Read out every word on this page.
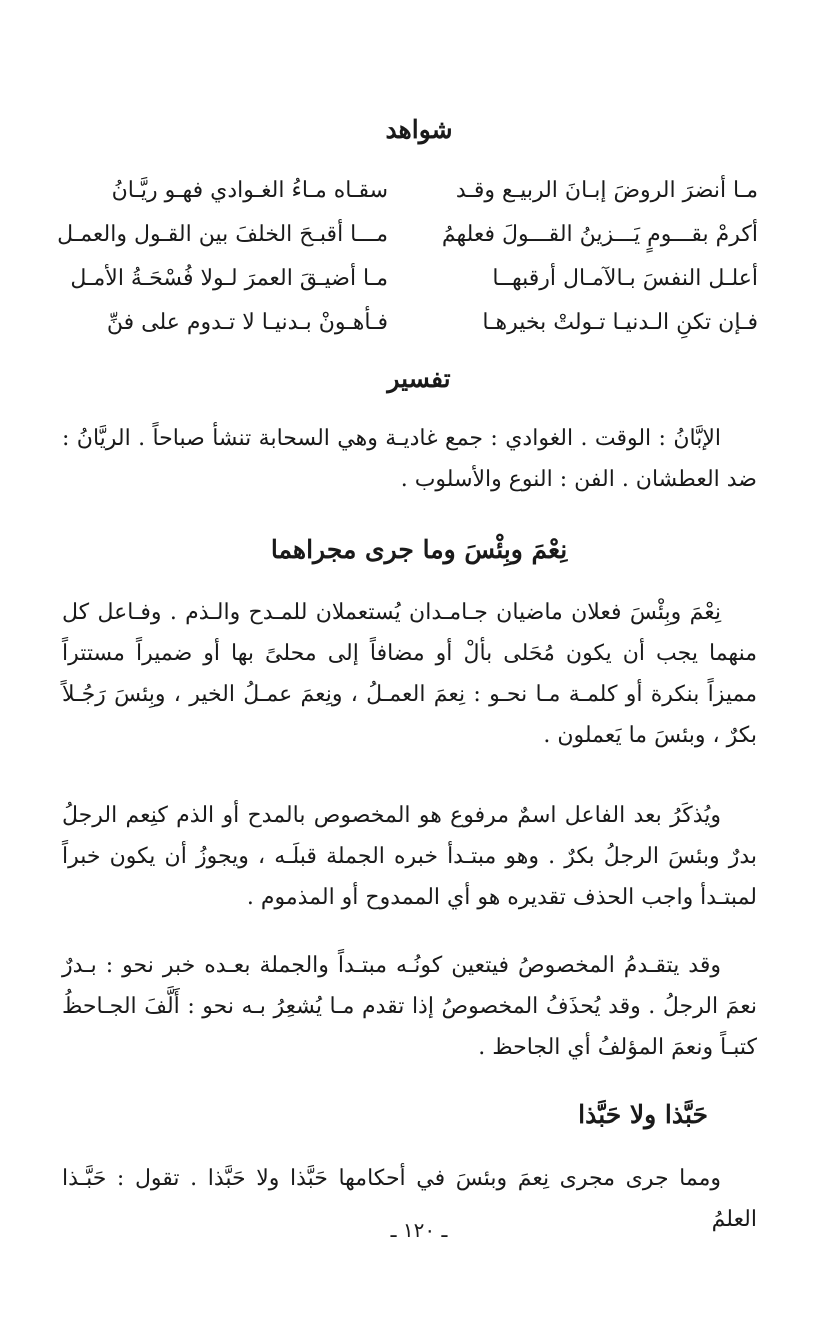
شواهد
مـا أنضرَ الروضَ إبـانَ الربيـع وقـد
سقـاه مـاءُ الغـوادي فهـو ريَّـانُ
أكرمْ بقـــومٍ يَـــزينُ القـــولَ فعلهمُ
مـــا أقبـحَ الخلفَ بين القـول والعمـل
أعلـل النفسَ بـالآمـال أرقبهــا
مـا أضيـقَ العمرَ لـولا فُسْحَـةُ الأمـل
فـإن تكنِ الـدنيـا تـولتْ بخيرهـا
فـأهـونْ بـدنيـا لا تـدوم على فنِّ
تفسير
الإبَّانُ : الوقت . الغوادي : جمع غاديـة وهي السحابة تنشأ صباحاً . الريَّانُ : ضد العطشان . الفن : النوع والأسلوب .
نِعْمَ وبِئْسَ وما جرى مجراهما
نِعْمَ وبِئْسَ فعلان ماضيان جـامـدان يُستعملان للمـدح والـذم . وفـاعل كل منهما يجب أن يكون مُحَلى بألْ أو مضافاً إلى محلىً بها أو ضميراً مستتراً مميزاً بنكرة أو كلمـة مـا نحـو : نِعمَ العمـلُ ، ونِعمَ عمـلُ الخير ، وبِئسَ رَجُـلاً بكرٌ ، وبئسَ ما يَعملون .
ويُذكَرُ بعد الفاعل اسمٌ مرفوع هو المخصوص بالمدح أو الذم كنِعم الرجلُ بدرٌ وبئسَ الرجلُ بكرٌ . وهو مبتـدأ خبره الجملة قبلَـه ، ويجوزُ أن يكون خبراً لمبتـدأ واجب الحذف تقديره هو أي الممدوح أو المذموم .
وقد يتقـدمُ المخصوصُ فيتعين كونُـه مبتـداً والجملة بعـده خبر نحو : بـدرٌ نعمَ الرجلُ . وقد يُحذَفُ المخصوصُ إذا تقدم مـا يُشعِرُ بـه نحو : أَلَّفَ الجـاحظُ كتبـاً ونعمَ المؤلفُ أي الجاحظ .
حَبَّذا ولا حَبَّذا
ومما جرى مجرى نِعمَ وبئسَ في أحكامها حَبَّذا ولا حَبَّذا . تقول : حَبَّـذا العلمُ
ـ ١٢٠ ـ
